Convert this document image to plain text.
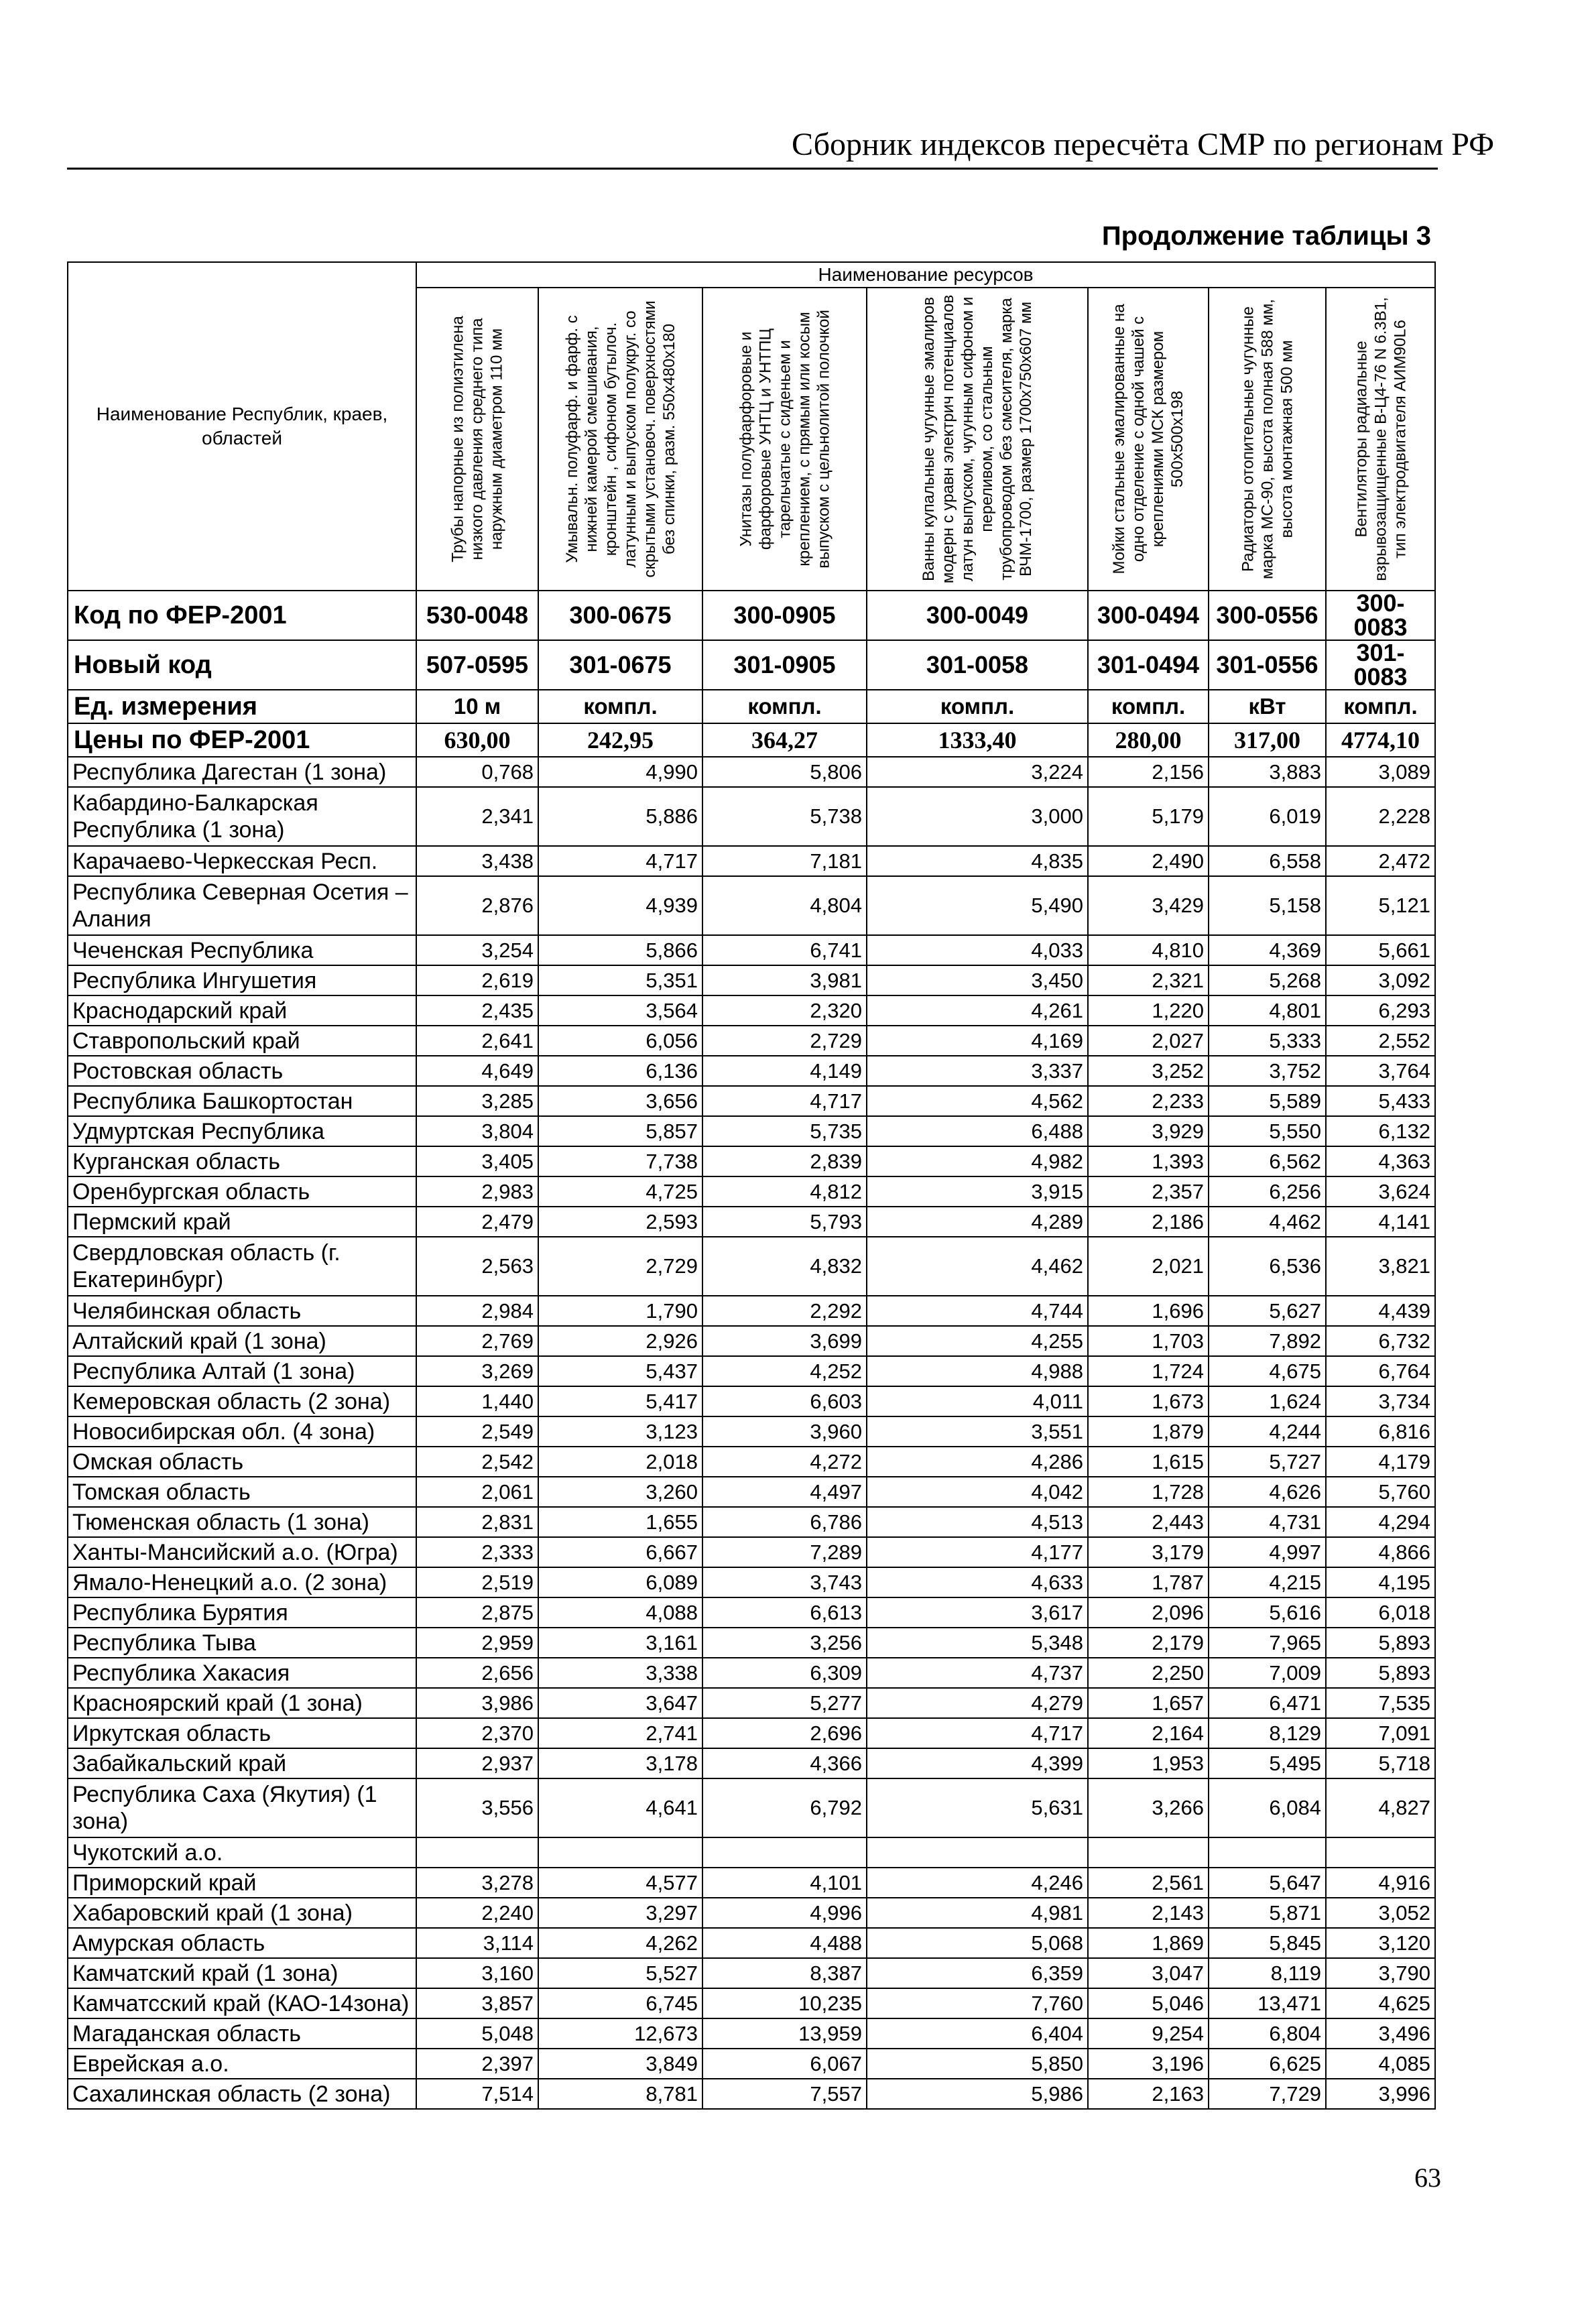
Сборник индексов пересчёта СМР по регионам РФ
Продолжение таблицы 3
Наименование Республик, краев, областей	Наименование ресурсов						

	Трубы напорные из полиэтилена низкого давления среднего типа наружным диаметром 110 мм	Умывальн. полуфарф. и фарф. с нижней камерой смешивания, кронштейн , сифоном бутылоч. латунным и выпуском полукруг. со скрытыми установоч. поверхностями без спинки, разм. 550х480х180	Унитазы полуфарфоровые и фарфоровые УНТЦ и УНТПЦ тарельчатые с сиденьем и креплением, с прямым или косым выпуском с цельнолитой полочкой	Ванны купальные чугунные эмалиров модерн с уравн электрич потенциалов латун выпуском, чугунным сифоном и переливом, со стальным трубопроводом без смесителя, марка ВЧМ-1700, размер 1700х750х607 мм	Мойки стальные эмалированные на одно отделение с одной чашей с креплениями МСК размером 500х500х198	Радиаторы отопительные чугунные марка МС-90, высота полная 588 мм, высота монтажная 500 мм	Вентиляторы радиальные взрывозащищенные В-Ц4-76 N 6.3В1, тип электродвигателя АИМ90L6

Код по ФЕР-2001	530-0048	300-0675	300-0905	300-0049	300-0494	300-0556	300-0083
Новый код	507-0595	301-0675	301-0905	301-0058	301-0494	301-0556	301-0083
Ед. измерения	10 м	компл.	компл.	компл.	компл.	кВт	компл.
Цены по ФЕР-2001	630,00	242,95	364,27	1333,40	280,00	317,00	4774,10
Республика Дагестан (1 зона)	0,768	4,990	5,806	3,224	2,156	3,883	3,089
Кабардино-Балкарская Республика (1 зона)	2,341	5,886	5,738	3,000	5,179	6,019	2,228
Карачаево-Черкесская Респ.	3,438	4,717	7,181	4,835	2,490	6,558	2,472
Республика Северная Осетия – Алания	2,876	4,939	4,804	5,490	3,429	5,158	5,121
Чеченская Республика	3,254	5,866	6,741	4,033	4,810	4,369	5,661
Республика Ингушетия	2,619	5,351	3,981	3,450	2,321	5,268	3,092
Краснодарский край	2,435	3,564	2,320	4,261	1,220	4,801	6,293
Ставропольский край	2,641	6,056	2,729	4,169	2,027	5,333	2,552
Ростовская область	4,649	6,136	4,149	3,337	3,252	3,752	3,764
Республика Башкортостан	3,285	3,656	4,717	4,562	2,233	5,589	5,433
Удмуртская Республика	3,804	5,857	5,735	6,488	3,929	5,550	6,132
Курганская область	3,405	7,738	2,839	4,982	1,393	6,562	4,363
Оренбургская область	2,983	4,725	4,812	3,915	2,357	6,256	3,624
Пермский край	2,479	2,593	5,793	4,289	2,186	4,462	4,141
Свердловская область (г. Екатеринбург)	2,563	2,729	4,832	4,462	2,021	6,536	3,821
Челябинская область	2,984	1,790	2,292	4,744	1,696	5,627	4,439
Алтайский край (1 зона)	2,769	2,926	3,699	4,255	1,703	7,892	6,732
Республика Алтай (1 зона)	3,269	5,437	4,252	4,988	1,724	4,675	6,764
Кемеровская область (2 зона)	1,440	5,417	6,603	4,011	1,673	1,624	3,734
Новосибирская обл. (4 зона)	2,549	3,123	3,960	3,551	1,879	4,244	6,816
Омская область	2,542	2,018	4,272	4,286	1,615	5,727	4,179
Томская область	2,061	3,260	4,497	4,042	1,728	4,626	5,760
Тюменская область (1 зона)	2,831	1,655	6,786	4,513	2,443	4,731	4,294
Ханты-Мансийский а.о. (Югра)	2,333	6,667	7,289	4,177	3,179	4,997	4,866
Ямало-Ненецкий а.о. (2 зона)	2,519	6,089	3,743	4,633	1,787	4,215	4,195
Республика Бурятия	2,875	4,088	6,613	3,617	2,096	5,616	6,018
Республика Тыва	2,959	3,161	3,256	5,348	2,179	7,965	5,893
Республика Хакасия	2,656	3,338	6,309	4,737	2,250	7,009	5,893
Красноярский край (1 зона)	3,986	3,647	5,277	4,279	1,657	6,471	7,535
Иркутская область	2,370	2,741	2,696	4,717	2,164	8,129	7,091
Забайкальский край	2,937	3,178	4,366	4,399	1,953	5,495	5,718
Республика Саха (Якутия) (1 зона)	3,556	4,641	6,792	5,631	3,266	6,084	4,827
Чукотский а.о.							
Приморский край	3,278	4,577	4,101	4,246	2,561	5,647	4,916
Хабаровский край (1 зона)	2,240	3,297	4,996	4,981	2,143	5,871	3,052
Амурская область	3,114	4,262	4,488	5,068	1,869	5,845	3,120
Камчатский край (1 зона)	3,160	5,527	8,387	6,359	3,047	8,119	3,790
Камчатсский край (КАО-14зона)	3,857	6,745	10,235	7,760	5,046	13,471	4,625
Магаданская область	5,048	12,673	13,959	6,404	9,254	6,804	3,496
Еврейская а.о.	2,397	3,849	6,067	5,850	3,196	6,625	4,085
Сахалинская область (2 зона)	7,514	8,781	7,557	5,986	2,163	7,729	3,996
63
